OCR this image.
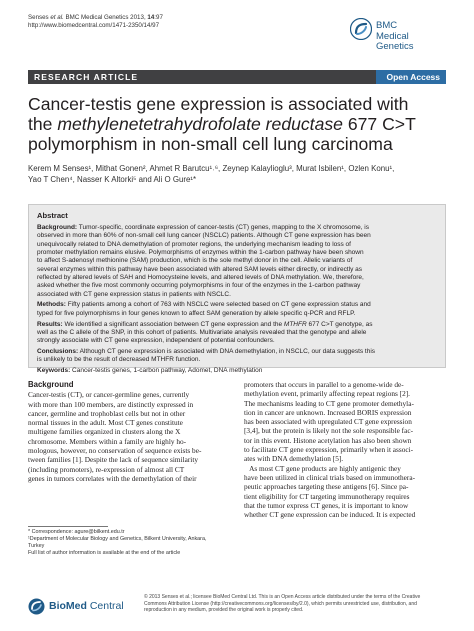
Senses et al. BMC Medical Genetics 2013, 14:97
http://www.biomedcentral.com/1471-2350/14/97	BMC
Medical Genetics
RESEARCH ARTICLE	Open Access
Cancer-testis gene expression is associated with
the methylenetetrahydrofolate reductase 677 C>T
polymorphism in non-small cell lung carcinoma
Kerem M Senses¹, Mithat Gonen², Ahmet R Barutcu¹˒⁶, Zeynep Kalaylioglu³, Murat Isbilen¹, Ozlen Konu¹,
Yao T Chen⁴, Nasser K Altorki⁵ and Ali O Gure¹*
Abstract
Background: Tumor-specific, coordinate expression of cancer-testis (CT) genes, mapping to the X chromosome, is
observed in more than 60% of non-small cell lung cancer (NSCLC) patients. Although CT gene expression has been
unequivocally related to DNA demethylation of promoter regions, the underlying mechanism leading to loss of
promoter methylation remains elusive. Polymorphisms of enzymes within the 1-carbon pathway have been shown
to affect S-adenosyl methionine (SAM) production, which is the sole methyl donor in the cell. Allelic variants of
several enzymes within this pathway have been associated with altered SAM levels either directly, or indirectly as
reflected by altered levels of SAH and Homocysteine levels, and altered levels of DNA methylation. We, therefore,
asked whether the five most commonly occurring polymorphisms in four of the enzymes in the 1-carbon pathway
associated with CT gene expression status in patients with NSCLC.
Methods: Fifty patients among a cohort of 763 with NSCLC were selected based on CT gene expression status and
typed for five polymorphisms in four genes known to affect SAM generation by allele specific q-PCR and RFLP.
Results: We identified a significant association between CT gene expression and the MTHFR 677 C>T genotype, as
well as the C allele of the SNP, in this cohort of patients. Multivariate analysis revealed that the genotype and allele
strongly associate with CT gene expression, independent of potential confounders.
Conclusions: Although CT gene expression is associated with DNA demethylation, in NSCLC, our data suggests this
is unlikely to be the result of decreased MTHFR function.
Keywords: Cancer-testis genes, 1-carbon pathway, Adomet, DNA methylation
Background
Cancer-testis (CT), or cancer-germline genes, currently
with more than 100 members, are distinctly expressed in
cancer, germline and trophoblast cells but not in other
normal tissues in the adult. Most CT genes constitute
multigene families organized in clusters along the X
chromosome. Members within a family are highly ho-
mologous, however, no conservation of sequence exists be-
tween families [1]. Despite the lack of sequence similarity
(including promoters), re-expression of almost all CT
genes in tumors correlates with the demethylation of their
promoters that occurs in parallel to a genome-wide de-
methylation event, primarily affecting repeat regions [2].
The mechanisms leading to CT gene promoter demethyla-
tion in cancer are unknown. Increased BORIS expression
has been associated with upregulated CT gene expression
[3,4], but the protein is likely not the sole responsible fac-
tor in this event. Histone acetylation has also been shown
to facilitate CT gene expression, primarily when it associ-
ates with DNA demethylation [5].
As most CT gene products are highly antigenic they
have been utilized in clinical trials based on immunothera-
peutic approaches targeting these antigens [6]. Since pa-
tient eligibility for CT targeting immunotherapy requires
that the tumor express CT genes, it is important to know
whether CT gene expression can be induced. It is expected
* Correspondence: agure@bilkent.edu.tr
¹Department of Molecular Biology and Genetics, Bilkent University, Ankara,
Turkey
Full list of author information is available at the end of the article
BioMed Central
© 2013 Senses et al.; licensee BioMed Central Ltd. This is an Open Access article distributed under the terms of the Creative
Commons Attribution License (http://creativecommons.org/licenses/by/2.0), which permits unrestricted use, distribution, and
reproduction in any medium, provided the original work is properly cited.
